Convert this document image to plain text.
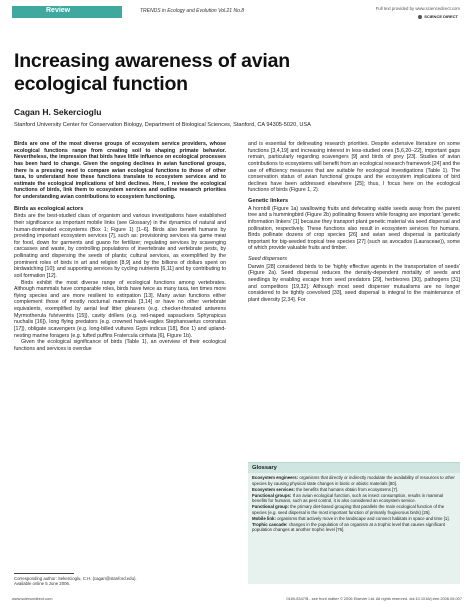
Review	TRENDS in Ecology and Evolution Vol.21 No.8	Full text provided by www.sciencedirect.com
SCIENCE DIRECT
Increasing awareness of avian
ecological function
Cagan H. Sekercioglu
Stanford University Center for Conservation Biology, Department of Biological Sciences, Stanford, CA 94305-5020, USA

Birds are one of the most diverse groups of ecosystem service providers, whose ecological functions range from creating soil to shaping primate behavior. Nevertheless, the impression that birds have little influence on ecological processes has been hard to change. Given the ongoing declines in avian functional groups, there is a pressing need to compare avian ecological functions to those of other taxa, to understand how these functions translate to ecosystem services and to estimate the ecological implications of bird declines. Here, I review the ecological functions of birds, link them to ecosystem services and outline research priorities for understanding avian contributions to ecosystem functioning.

Birds as ecological actors

Birds are the best-studied class of organism and various investigations have established their significance as important mobile links (see Glossary) in the dynamics of natural and human-dominated ecosystems (Box 1; Figure 1) [1–6]. Birds also benefit humans by providing important ecosystem services [7], such as: provisioning services via game meat for food, down for garments and guano for fertilizer; regulating services by scavenging carcasses and waste, by controlling populations of invertebrate and vertebrate pests, by pollinating and dispersing the seeds of plants; cultural services, as exemplified by the prominent roles of birds in art and religion [8,9] and by the billions of dollars spent on birdwatching [10]; and supporting services by cycling nutrients [6,11] and by contributing to soil formation [12].

Birds exhibit the most diverse range of ecological functions among vertebrates. Although mammals have comparable roles, birds have twice as many taxa, ten times more flying species and are more resilient to extirpation [13]. Many avian functions either complement those of mostly nocturnal mammals [3,14] or have no other vertebrate equivalents, exemplified by aerial leaf litter gleaners (e.g. checker-throated antwrens Myrmotherula fulviventris [15]), cavity drillers (e.g. red-naped sapsuckers Sphyrapicus nuchalis [16]), long flying predators (e.g. crowned hawk-eagles Stephanoaetus coronatus [17]), obligate scavengers (e.g. long-billed vultures Gyps indicus [18], Box 1) and upland-nesting marine foragers (e.g. tufted puffins Fratercula cirrhata [6], Figure 1b).

Given the ecological significance of birds (Table 1), an overview of their ecological functions and services is overdue

and is essential for delineating research priorities. Despite extensive literature on some functions [3,4,19] and increasing interest in less-studied ones [5,6,20–22], important gaps remain, particularly regarding scavengers [9] and birds of prey [23]. Studies of avian contributions to ecosystems will benefit from an ecological research framework [24] and the use of efficiency measures that are suitable for ecological investigations (Table 1). The conservation status of avian functional groups and the ecosystem implications of bird declines have been addressed elsewhere [25]; thus, I focus here on the ecological functions of birds (Figure 1, 2).

Genetic linkers

A hornbill (Figure 1a) swallowing fruits and defecating viable seeds away from the parent tree and a hummingbird (Figure 2b) pollinating flowers while foraging are important 'genetic information linkers' [1] because they transport plant genetic material via seed dispersal and pollination, respectively. These functions also result in ecosystem services for humans. Birds pollinate dozens of crop species [26] and avian seed dispersal is particularly important for big-seeded tropical tree species [27] (such as avocados (Lauraceae)), some of which provide valuable fruits and timber.

Seed dispersers

Darwin [28] considered birds to be 'highly effective agents in the transportation of seeds' (Figure 2a). Seed dispersal reduces the density-dependent mortality of seeds and seedlings by enabling escape from seed predators [29], herbivores [30], pathogens [31] and competitors [19,32]. Although most seed disperser mutualisms are no longer considered to be tightly coevolved [33], seed dispersal is integral to the maintenance of plant diversity [2,34]. For

Glossary

Ecosystem engineers: organisms that directly or indirectly modulate the availability of resources to other species by causing physical state changes in biotic or abiotic materials [80].

Ecosystem services: the benefits that humans obtain from ecosystems [7].

Functional groups: If an avian ecological function, such as insect consumption, results in mammal benefits for humans, such as pest control, it is also considered an ecosystem service.

Functional group: the primary diet-based grouping that parallels the main ecological function of the species (e.g. seed dispersal is the most important function of primarily frugivorous birds) [25].

Mobile link: organisms that actively move in the landscape and connect habitats in space and time [1].

Trophic cascade: changes in the population of an organism at a trophic level that causes significant population changes at another trophic level [76].

Corresponding author: Sekercioglu, C.H. (cagan@stanford.edu).
Available online 5 June 2006.
www.sciencedirect.com	0169-5347/$ - see front matter © 2006 Elsevier Ltd. All rights reserved. doi:10.1016/j.tree.2006.05.007
